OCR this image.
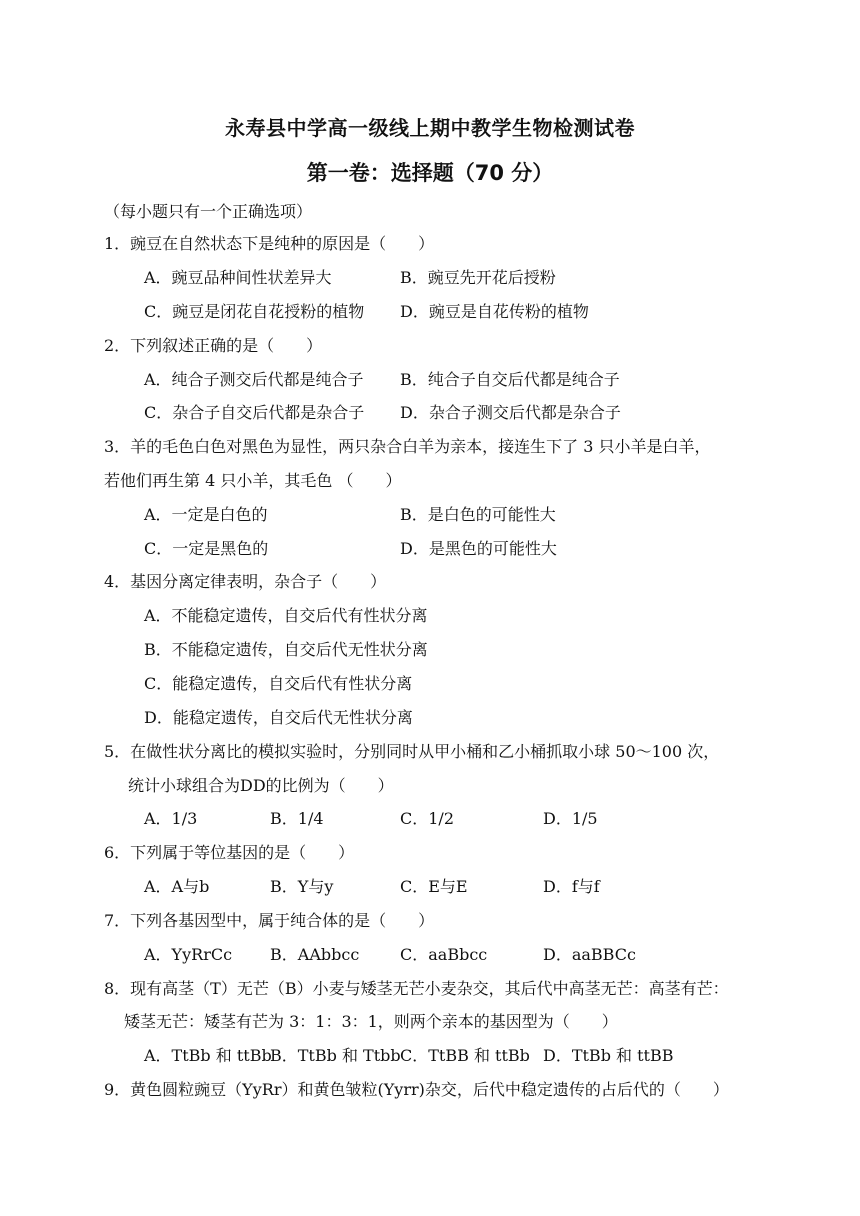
永寿县中学高一级线上期中教学生物检测试卷
第一卷：选择题（70 分）
（每小题只有一个正确选项）
1．豌豆在自然状态下是纯种的原因是（　　）
A．豌豆品种间性状差异大	B．豌豆先开花后授粉
C．豌豆是闭花自花授粉的植物 D．豌豆是自花传粉的植物
2．下列叙述正确的是（　　）
A．纯合子测交后代都是纯合子 B．纯合子自交后代都是纯合子
C．杂合子自交后代都是杂合子 D．杂合子测交后代都是杂合子
3．羊的毛色白色对黑色为显性，两只杂合白羊为亲本，接连生下了 3 只小羊是白羊，
若他们再生第 4 只小羊，其毛色 （　　）
A．一定是白色的	B．是白色的可能性大
C．一定是黑色的	D．是黑色的可能性大
4．基因分离定律表明，杂合子（　　）
A．不能稳定遗传，自交后代有性状分离
B．不能稳定遗传，自交后代无性状分离
C．能稳定遗传，自交后代有性状分离
D．能稳定遗传，自交后代无性状分离
5．在做性状分离比的模拟实验时，分别同时从甲小桶和乙小桶抓取小球 50～100 次，
统计小球组合为DD的比例为（　　）
A．1/3	B．1/4	C．1/2	D．1/5
6．下列属于等位基因的是（　　）
A．A与b	B．Y与y	C．E与E	D．f与f
7．下列各基因型中，属于纯合体的是（　　）
A．YyRrCc B．AAbbcc	C．aaBbcc	D．aaBBCc
8．现有高茎（T）无芒（B）小麦与矮茎无芒小麦杂交，其后代中高茎无芒：高茎有芒：
矮茎无芒：矮茎有芒为 3：1：3：1，则两个亲本的基因型为（　　）
A．TtBb 和 ttBb
B．TtBb 和 Ttbb C．TtBB 和 ttBb D．TtBb 和 ttBB
9．黄色圆粒豌豆（YyRr）和黄色皱粒(Yyrr)杂交，后代中稳定遗传的占后代的（　　）
